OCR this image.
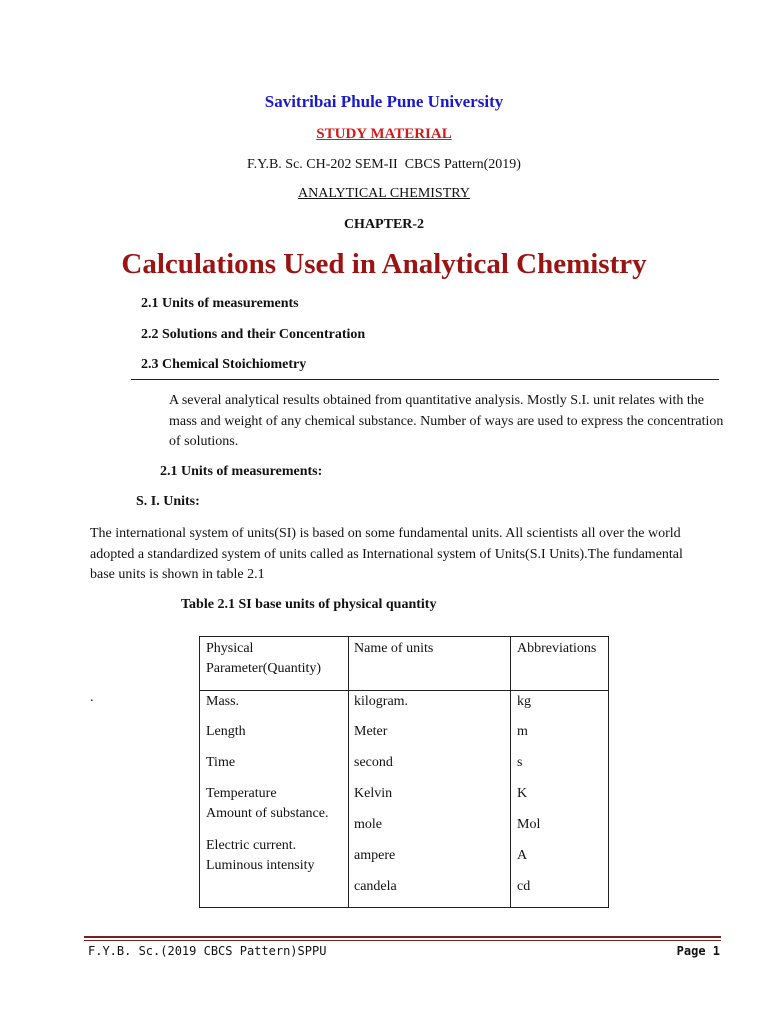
Savitribai Phule Pune University
STUDY MATERIAL
F.Y.B. Sc. CH-202 SEM-II  CBCS Pattern(2019)
ANALYTICAL CHEMISTRY
CHAPTER-2
Calculations Used in Analytical Chemistry
2.1 Units of measurements
2.2 Solutions and their Concentration
2.3 Chemical Stoichiometry
A several analytical results obtained from quantitative analysis. Mostly S.I. unit relates with the  mass and weight of any chemical substance. Number of ways are used to express the concentration of solutions.
2.1 Units of measurements:
S. I. Units:
The international system of units(SI) is based on some fundamental units. All scientists all over the world adopted a standardized system of units called as International system of Units(S.I Units).The fundamental base units is shown in table 2.1
Table 2.1 SI base units of physical quantity
.
Physical Parameter(Quantity)
Name of units	Abbreviations
Mass.
Length
Time
Temperature
Amount of substance.
Electric current.
Luminous intensity
kilogram.
Meter
second
Kelvin
mole
ampere
candela
kg
m
s
K
Mol
A
cd
F.Y.B. Sc.(2019 CBCS Pattern)SPPU	Page 1
